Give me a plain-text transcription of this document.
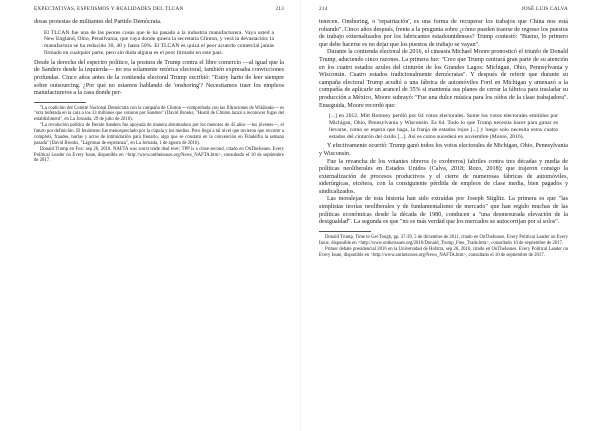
EXPECTATIVAS, ESPEJISMOS Y REALIDADES DEL TLCAN	213

dosas protestas de militantes del Partido Demócrata.

El TLCAN fue una de las peores cosas que le ha pasado a la industria manufacturera. Vaya usted a New England, Ohio, Pensilvania, que vaya donde quiera la secretaria Clinton, y verá la devastación: la manufactura se ha reducido 30, 40 y hasta 50%. El TLCAN es quizá el peor acuerdo comercial jamás firmado en cualquier parte, pero sin duda alguna es el peor firmado en este país.

Desde la derecha del espectro político, la postura de Trump contra el libre comercio —al igual que la de Sanders desde la izquierda— no era solamente retórica electoral, también expresaba convicciones profundas. Cinco años antes de la contienda electoral Trump escribió: "Estoy harto de leer siempre sobre outsourcing. ¿Por qué no estamos hablando de 'onshoring'? Necesitamos traer los empleos manufactureros a la casa donde per-

"La coalición del Comité Nacional Demócrata con la campaña de Clinton —comprobada con las filtraciones de Wikileaks— es "otra bofetada en la cara a los 13 millones que votaron por Sanders" (David Brooks, "Hostil de Clinton lanzó a reconocer fugas del establishment", en La Jornada, 29 de julio de 2016).

"La revolución política de Bernie Sanders fue apoyada de manera abrumadora por los menores de 45 años —los jóvenes—, el futuro por definición. El fenómeno fue menospreciado por la cúpula y los medios. Pero llegó a tal nivel que tuvieron que recorrer a complots, fraudes, burlas y actos de intimidación para frenarlo, algo que se constató en la convención en Filadelfia la semana pasada" (David Brooks, "Lágrimas de esperanza", en La Jornada, 1 de agosto de 2016).

Donald Trump en Fox: sep 26, 2016. NAFTA was worst trade deal ever; TPP is a close second, citado en OnTheIssues. Every Political Leader on Every Issue, disponible en <http://www.ontheissues.org/News_NAFTA.htm>, consultado el 10 de septiembre de 2017.

214	JOSÉ LUIS CALVA

tenecen. Onshoring, o 'repatriación', es una forma de recuperar los trabajos que China nos está robando". Cinco años después, frente a la pregunta sobre ¿cómo pueden traerse de regreso los puestos de trabajo externalizados por los fabricantes estadounidenses? Trump contestó: "Bueno, lo primero que debe hacerse es no dejar que los puestos de trabajo se vayan".

Durante la contienda electoral de 2016, el cineasta Michael Moore pronosticó el triunfo de Donald Trump, aduciendo cinco razones. La primera fue: "Creo que Trump centrará gran parte de su atención en los cuatro estados azules del cinturón de los Grandes Lagos: Michigan, Ohio, Pennsylvania y Wisconsin. Cuatro estados tradicionalmente demócratas". Y después de referir que durante su campaña electoral Trump acudió a una fábrica de automóviles Ford en Michigan y amenazó a la compañía de aplicarle un arancel de 35% si mantenía sus planes de cerrar la fábrica para trasladar su producción a México, Moore subrayó: "Fue una dulce música para los oídos de la clase trabajadora". Enseguida, Moore recordó que:

[...] en 2012, Mitt Romney perdió por 64 votos electorales. Sume los votos electorales emitidos por Michigan, Ohio, Pennsylvania y Wisconsin. Es 64. Todo lo que Trump necesita hacer para ganar es llevarse, como se espera que haga, la franja de estados rojos [...] y luego solo necesita estos cuatro estados del cinturón del óxido [...]. Así es como sucederá en noviembre (Moore, 2016).

Y efectivamente ocurrió: Trump ganó todos los votos electorales de Michigan, Ohio, Pennsylvania y Wisconsin.

Fue la revancha de los votantes obreros (o exobreros) fabriles contra tres décadas y media de políticas neoliberales en Estados Unidos (Calva, 2018; Rozo, 2018); que trajeron consigo la externalización de procesos productivos y el cierre de numerosas fábricas de automóviles, siderúrgicas, etcétera, con la consiguiente pérdida de empleos de clase media, bien pagados y sindicalizados.

Las moralejas de esta historia han sido extraídas por Joseph Stiglitz. La primera es que "las simplistas teorías neoliberales y de fundamentalismo de mercado" que han regido muchas de las políticas económicas desde la década de 1980, conducen a "una desmesurada elevación de la desigualdad". La segunda es que "no es más verdad que los mercados se autocorrijan por sí solos".

Donald Trump, Time to Get Tough, pp. 37-39, 5 de diciembre de 2011, citado en OnTheIssues. Every Political Leader on Every Issue, disponible en <http://www.ontheissues.org/2016/Donald_Trump_Free_Trade.htm>, consultado 10 de septiembre de 2017.

Primer debate presidencial 2016 en la Universidad de Hofstra, sep 26, 2016, citado en OnTheIssues. Every Political Leader on Every Issue, disponible en <http://www.ontheissues.org/News_NAFTA.htm>, consultado el 10 de septiembre de 2017.
